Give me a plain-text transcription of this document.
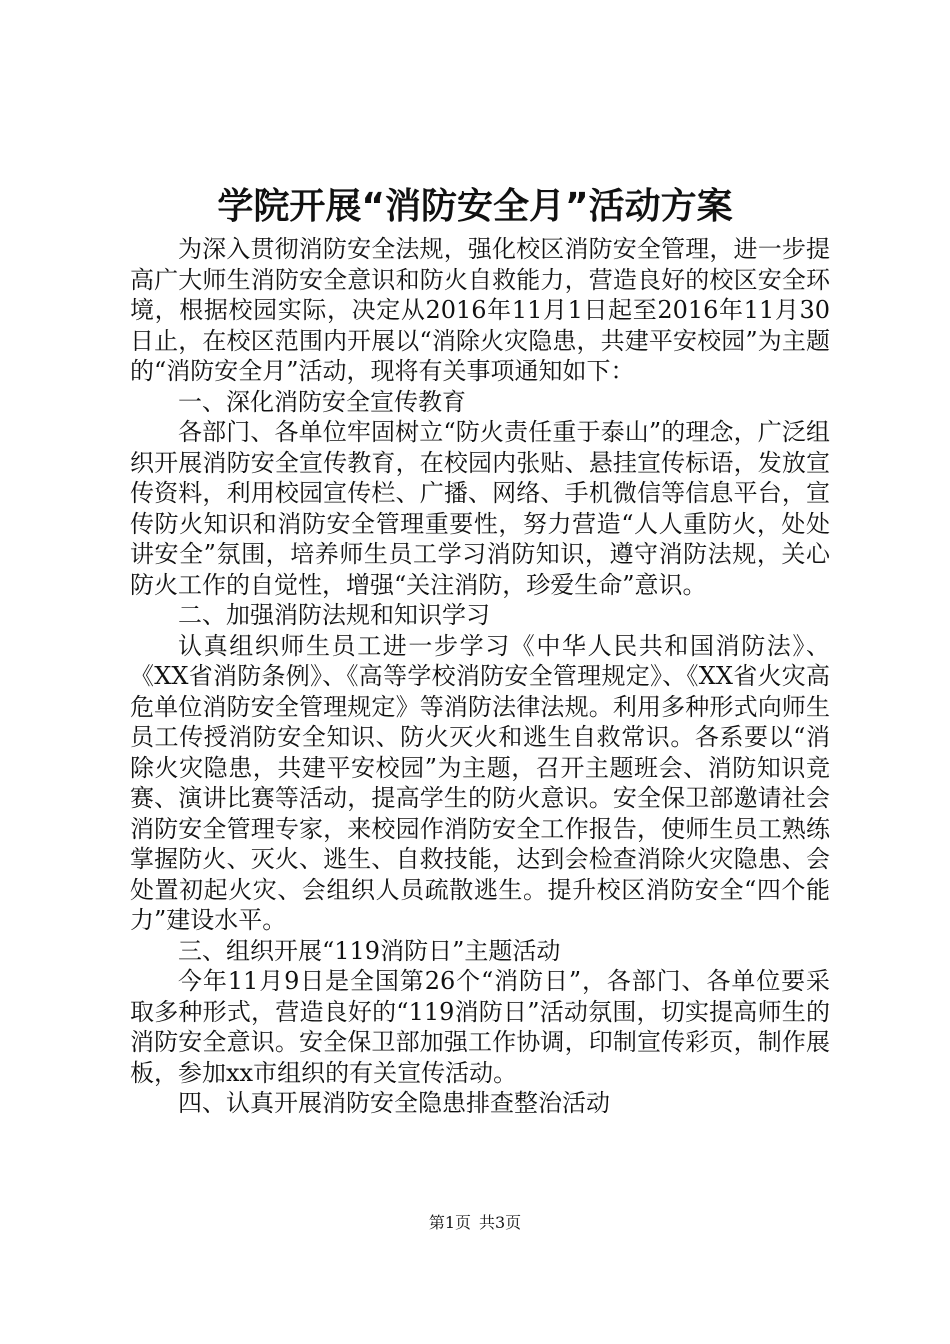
学院开展“消防安全月”活动方案

为深入贯彻消防安全法规，强化校区消防安全管理，进一步提高广大师生消防安全意识和防火自救能力，营造良好的校区安全环境，根据校园实际，决定从2016年11月1日起至2016年11月30日止，在校区范围内开展以“消除火灾隐患，共建平安校园”为主题的“消防安全月”活动，现将有关事项通知如下：

一、深化消防安全宣传教育

各部门、各单位牢固树立“防火责任重于泰山”的理念，广泛组织开展消防安全宣传教育，在校园内张贴、悬挂宣传标语，发放宣传资料，利用校园宣传栏、广播、网络、手机微信等信息平台，宣传防火知识和消防安全管理重要性，努力营造“人人重防火，处处讲安全”氛围，培养师生员工学习消防知识，遵守消防法规，关心防火工作的自觉性，增强“关注消防，珍爱生命”意识。

二、加强消防法规和知识学习

认真组织师生员工进一步学习《中华人民共和国消防法》、《XX省消防条例》、《高等学校消防安全管理规定》、《XX省火灾高危单位消防安全管理规定》等消防法律法规。利用多种形式向师生员工传授消防安全知识、防火灭火和逃生自救常识。各系要以“消除火灾隐患，共建平安校园”为主题，召开主题班会、消防知识竞赛、演讲比赛等活动，提高学生的防火意识。安全保卫部邀请社会消防安全管理专家，来校园作消防安全工作报告，使师生员工熟练掌握防火、灭火、逃生、自救技能，达到会检查消除火灾隐患、会处置初起火灾、会组织人员疏散逃生。提升校区消防安全“四个能力”建设水平。

三、组织开展“119消防日”主题活动

今年11月9日是全国第26个“消防日”，各部门、各单位要采取多种形式，营造良好的“119消防日”活动氛围，切实提高师生的消防安全意识。安全保卫部加强工作协调，印制宣传彩页，制作展板，参加xx市组织的有关宣传活动。

四、认真开展消防安全隐患排查整治活动

第1页 共3页
